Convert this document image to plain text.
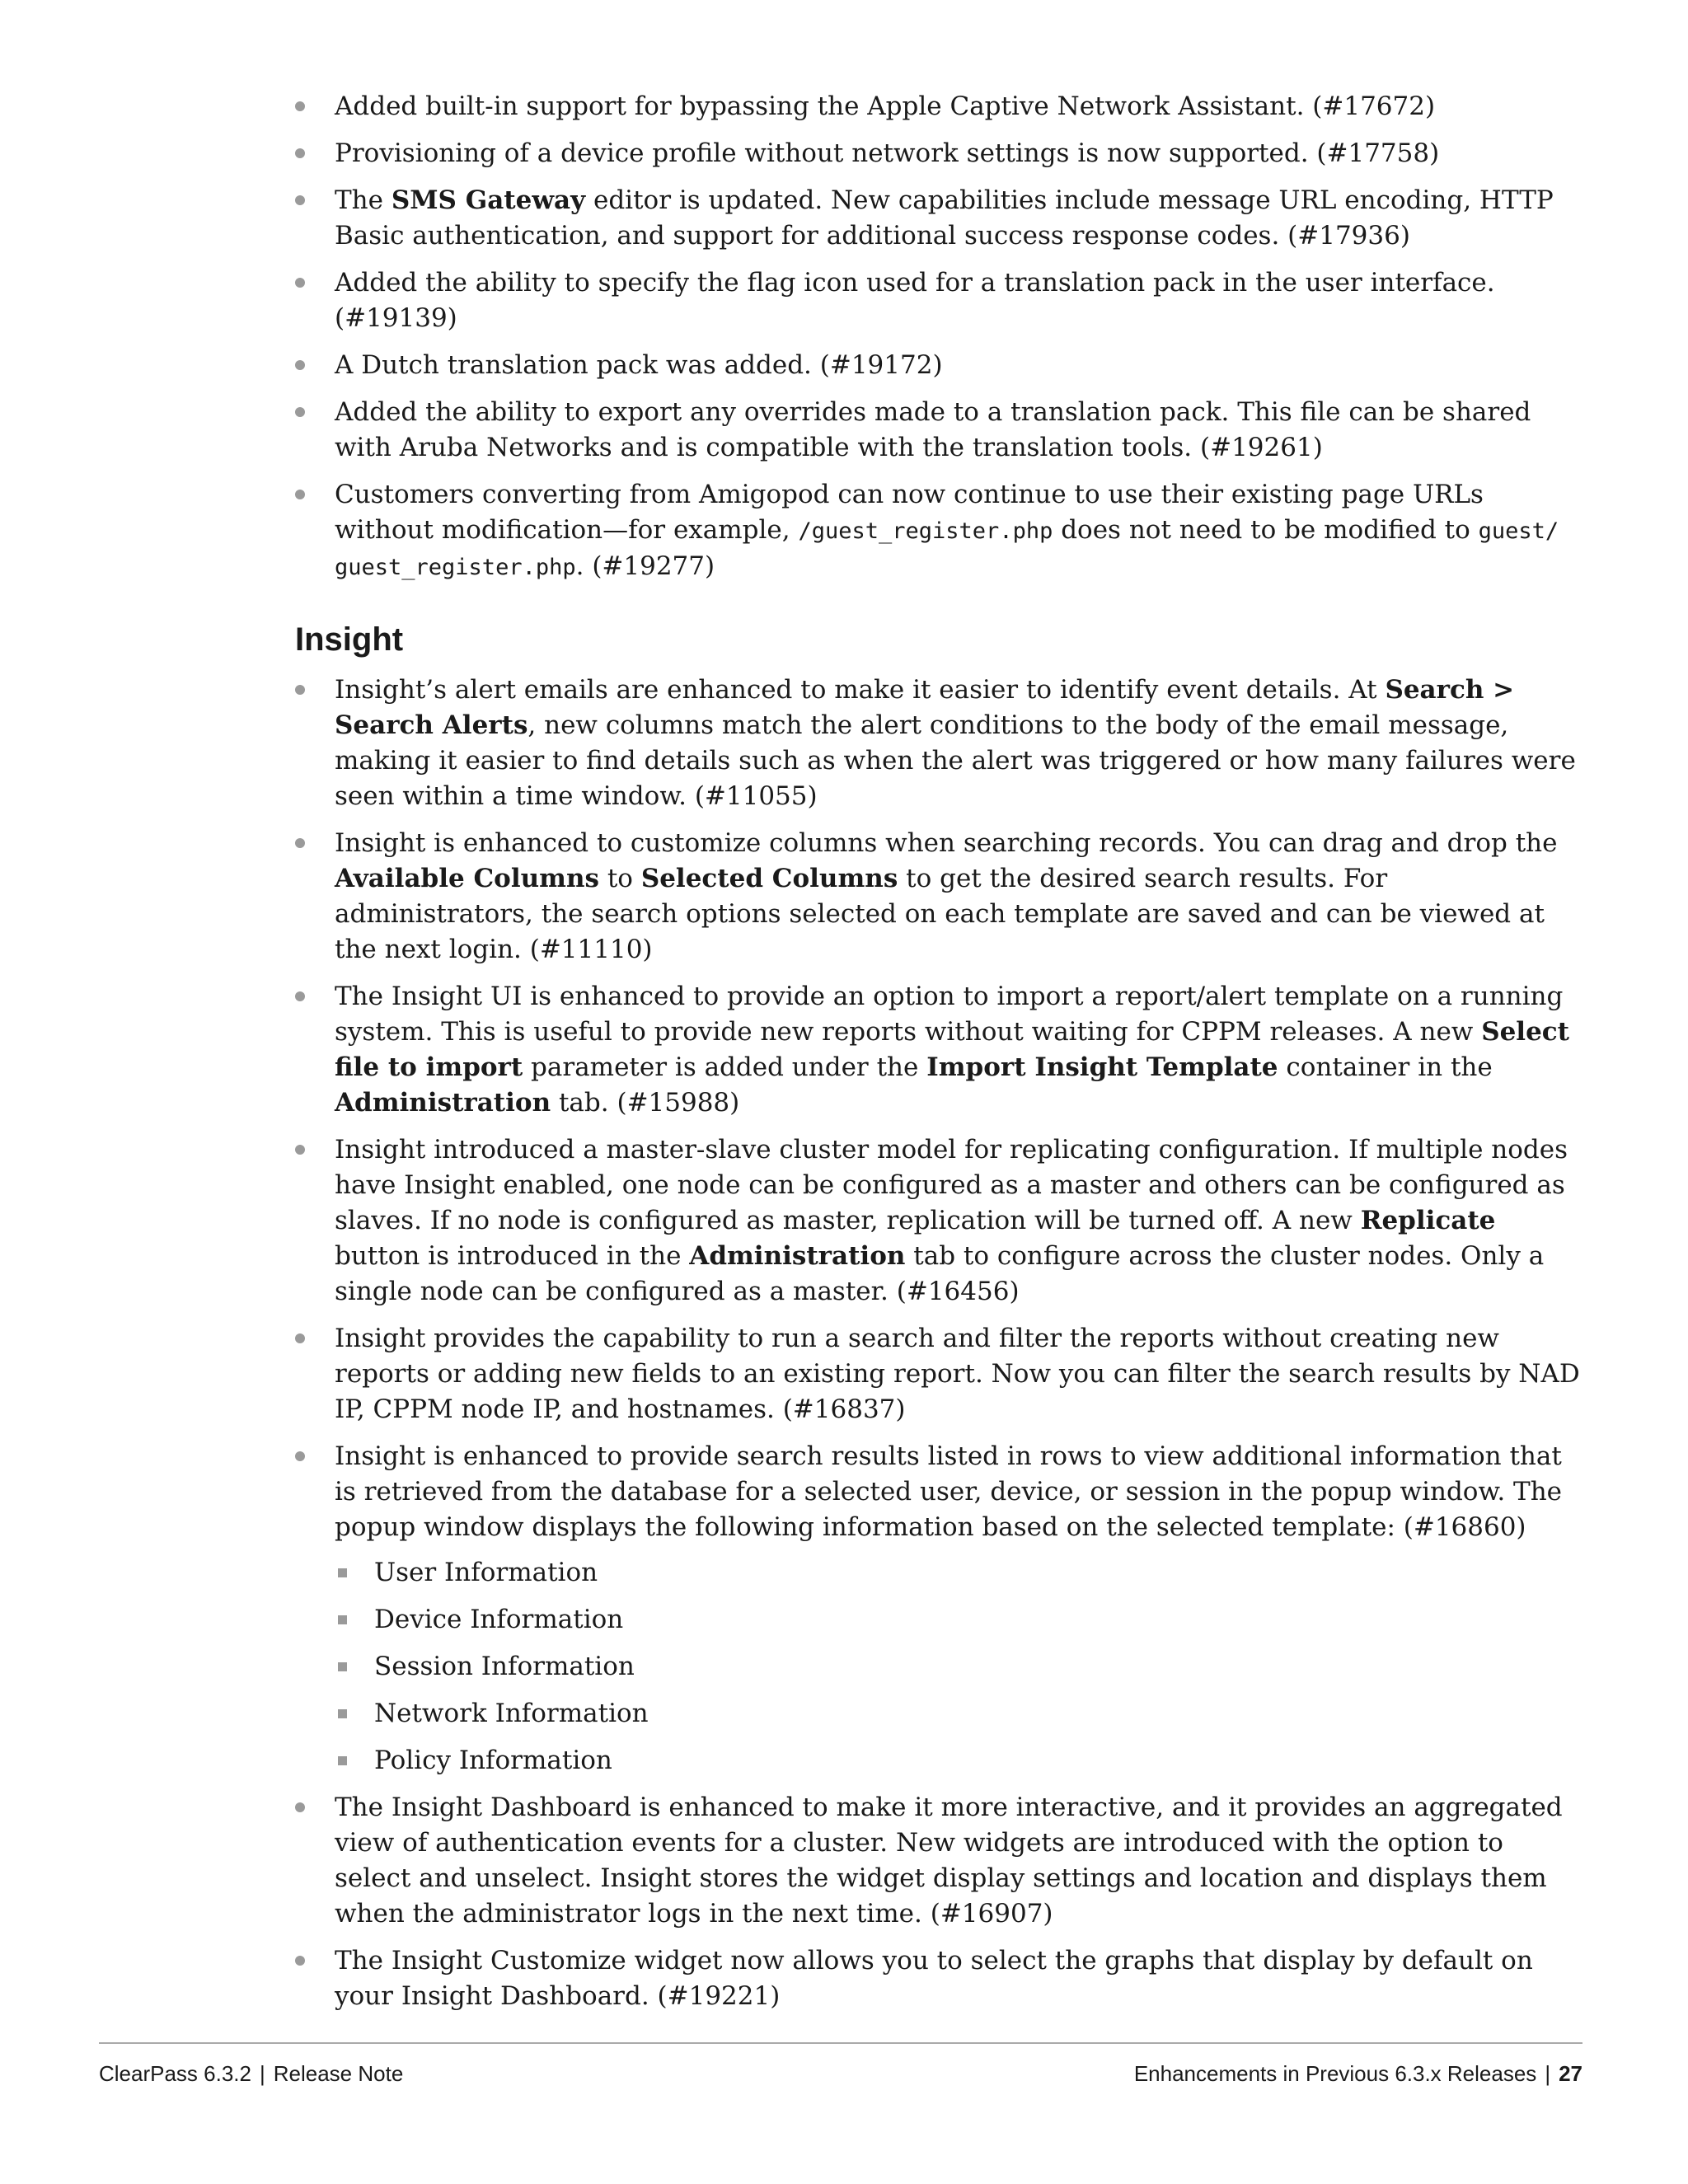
Added built-in support for bypassing the Apple Captive Network Assistant. (#17672)
Provisioning of a device profile without network settings is now supported. (#17758)
The SMS Gateway editor is updated. New capabilities include message URL encoding, HTTP Basic authentication, and support for additional success response codes. (#17936)
Added the ability to specify the flag icon used for a translation pack in the user interface. (#19139)
A Dutch translation pack was added. (#19172)
Added the ability to export any overrides made to a translation pack. This file can be shared with Aruba Networks and is compatible with the translation tools. (#19261)
Customers converting from Amigopod can now continue to use their existing page URLs without modification—for example, /guest_register.php does not need to be modified to guest/ guest_register.php. (#19277)
Insight
Insight’s alert emails are enhanced to make it easier to identify event details. At Search > Search Alerts, new columns match the alert conditions to the body of the email message, making it easier to find details such as when the alert was triggered or how many failures were seen within a time window. (#11055)
Insight is enhanced to customize columns when searching records. You can drag and drop the Available Columns to Selected Columns to get the desired search results. For administrators, the search options selected on each template are saved and can be viewed at the next login. (#11110)
The Insight UI is enhanced to provide an option to import a report/alert template on a running system. This is useful to provide new reports without waiting for CPPM releases. A new Select file to import parameter is added under the Import Insight Template container in the Administration tab. (#15988)
Insight introduced a master-slave cluster model for replicating configuration. If multiple nodes have Insight enabled, one node can be configured as a master and others can be configured as slaves. If no node is configured as master, replication will be turned off. A new Replicate button is introduced in the Administration tab to configure across the cluster nodes. Only a single node can be configured as a master. (#16456)
Insight provides the capability to run a search and filter the reports without creating new reports or adding new fields to an existing report. Now you can filter the search results by NAD IP, CPPM node IP, and hostnames. (#16837)
Insight is enhanced to provide search results listed in rows to view additional information that is retrieved from the database for a selected user, device, or session in the popup window. The popup window displays the following information based on the selected template: (#16860)
User Information
Device Information
Session Information
Network Information
Policy Information
The Insight Dashboard is enhanced to make it more interactive, and it provides an aggregated view of authentication events for a cluster. New widgets are introduced with the option to select and unselect. Insight stores the widget display settings and location and displays them when the administrator logs in the next time. (#16907)
The Insight Customize widget now allows you to select the graphs that display by default on your Insight Dashboard. (#19221)
ClearPass 6.3.2 | Release Note	Enhancements in Previous 6.3.x Releases | 27
